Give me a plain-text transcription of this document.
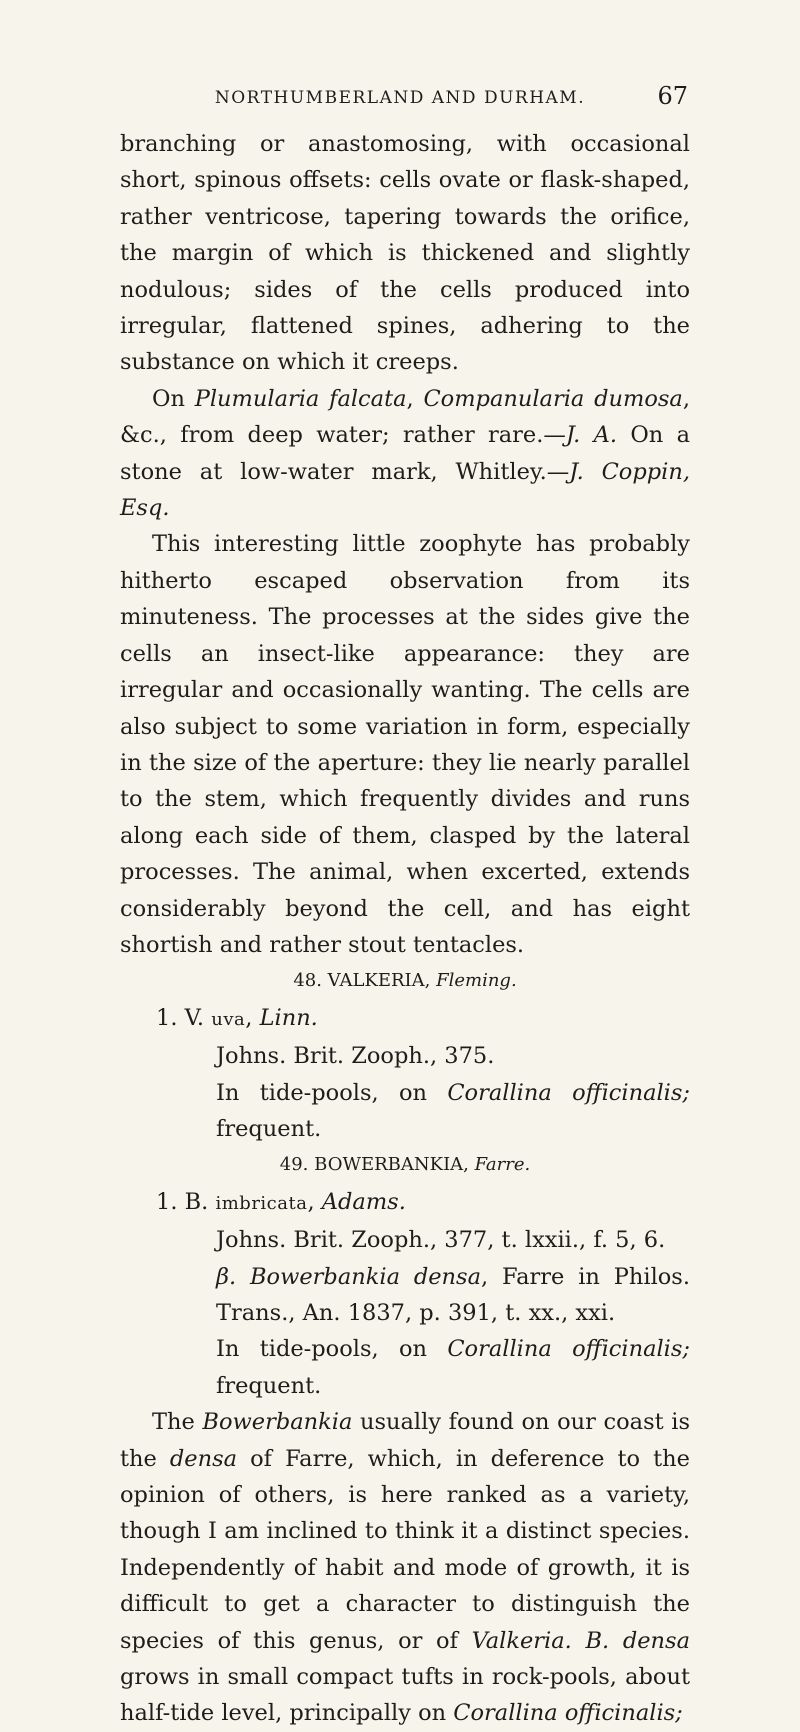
NORTHUMBERLAND AND DURHAM.	67

branching or anastomosing, with occasional short, spinous offsets: cells ovate or flask-shaped, rather ventricose, tapering towards the orifice, the margin of which is thickened and slightly nodulous; sides of the cells produced into irregular, flattened spines, adhering to the substance on which it creeps.

On Plumularia falcata, Companularia dumosa, &c., from deep water; rather rare.—J. A. On a stone at low-water mark, Whitley.—J. Coppin, Esq.

This interesting little zoophyte has probably hitherto escaped observation from its minuteness. The processes at the sides give the cells an insect-like appearance: they are irregular and occasionally wanting. The cells are also subject to some variation in form, especially in the size of the aperture: they lie nearly parallel to the stem, which frequently divides and runs along each side of them, clasped by the lateral processes. The animal, when excerted, extends considerably beyond the cell, and has eight shortish and rather stout tentacles.

48. VALKERIA, Fleming.

1. V. uva, Linn.

Johns. Brit. Zooph., 375.

In tide-pools, on Corallina officinalis; frequent.

49. BOWERBANKIA, Farre.

1. B. imbricata, Adams.

Johns. Brit. Zooph., 377, t. lxxii., f. 5, 6.

β. Bowerbankia densa, Farre in Philos. Trans., An. 1837, p. 391, t. xx., xxi.

In tide-pools, on Corallina officinalis; frequent.

The Bowerbankia usually found on our coast is the densa of Farre, which, in deference to the opinion of others, is here ranked as a variety, though I am inclined to think it a distinct species. Independently of habit and mode of growth, it is difficult to get a character to distinguish the species of this genus, or of Valkeria. B. densa grows in small compact tufts in rock-pools, about half-tide level, principally on Corallina officinalis;
